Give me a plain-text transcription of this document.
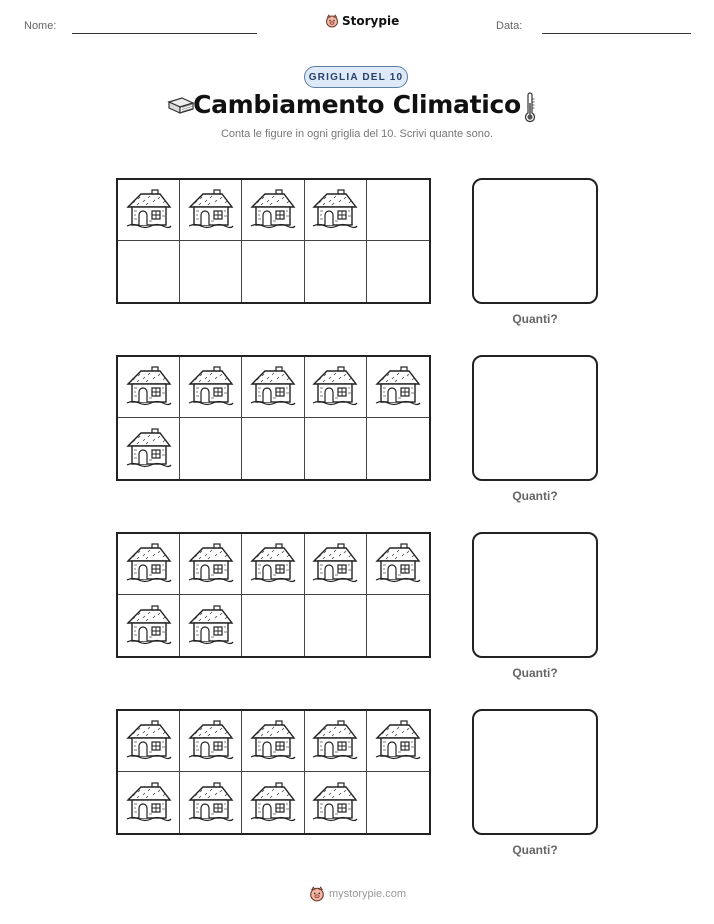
Nome:	Storypie	Data:
GRIGLIA DEL 10
Cambiamento Climatico
Conta le figure in ogni griglia del 10. Scrivi quante sono.
Quanti?
Quanti?
Quanti?
Quanti?
mystorypie.com
